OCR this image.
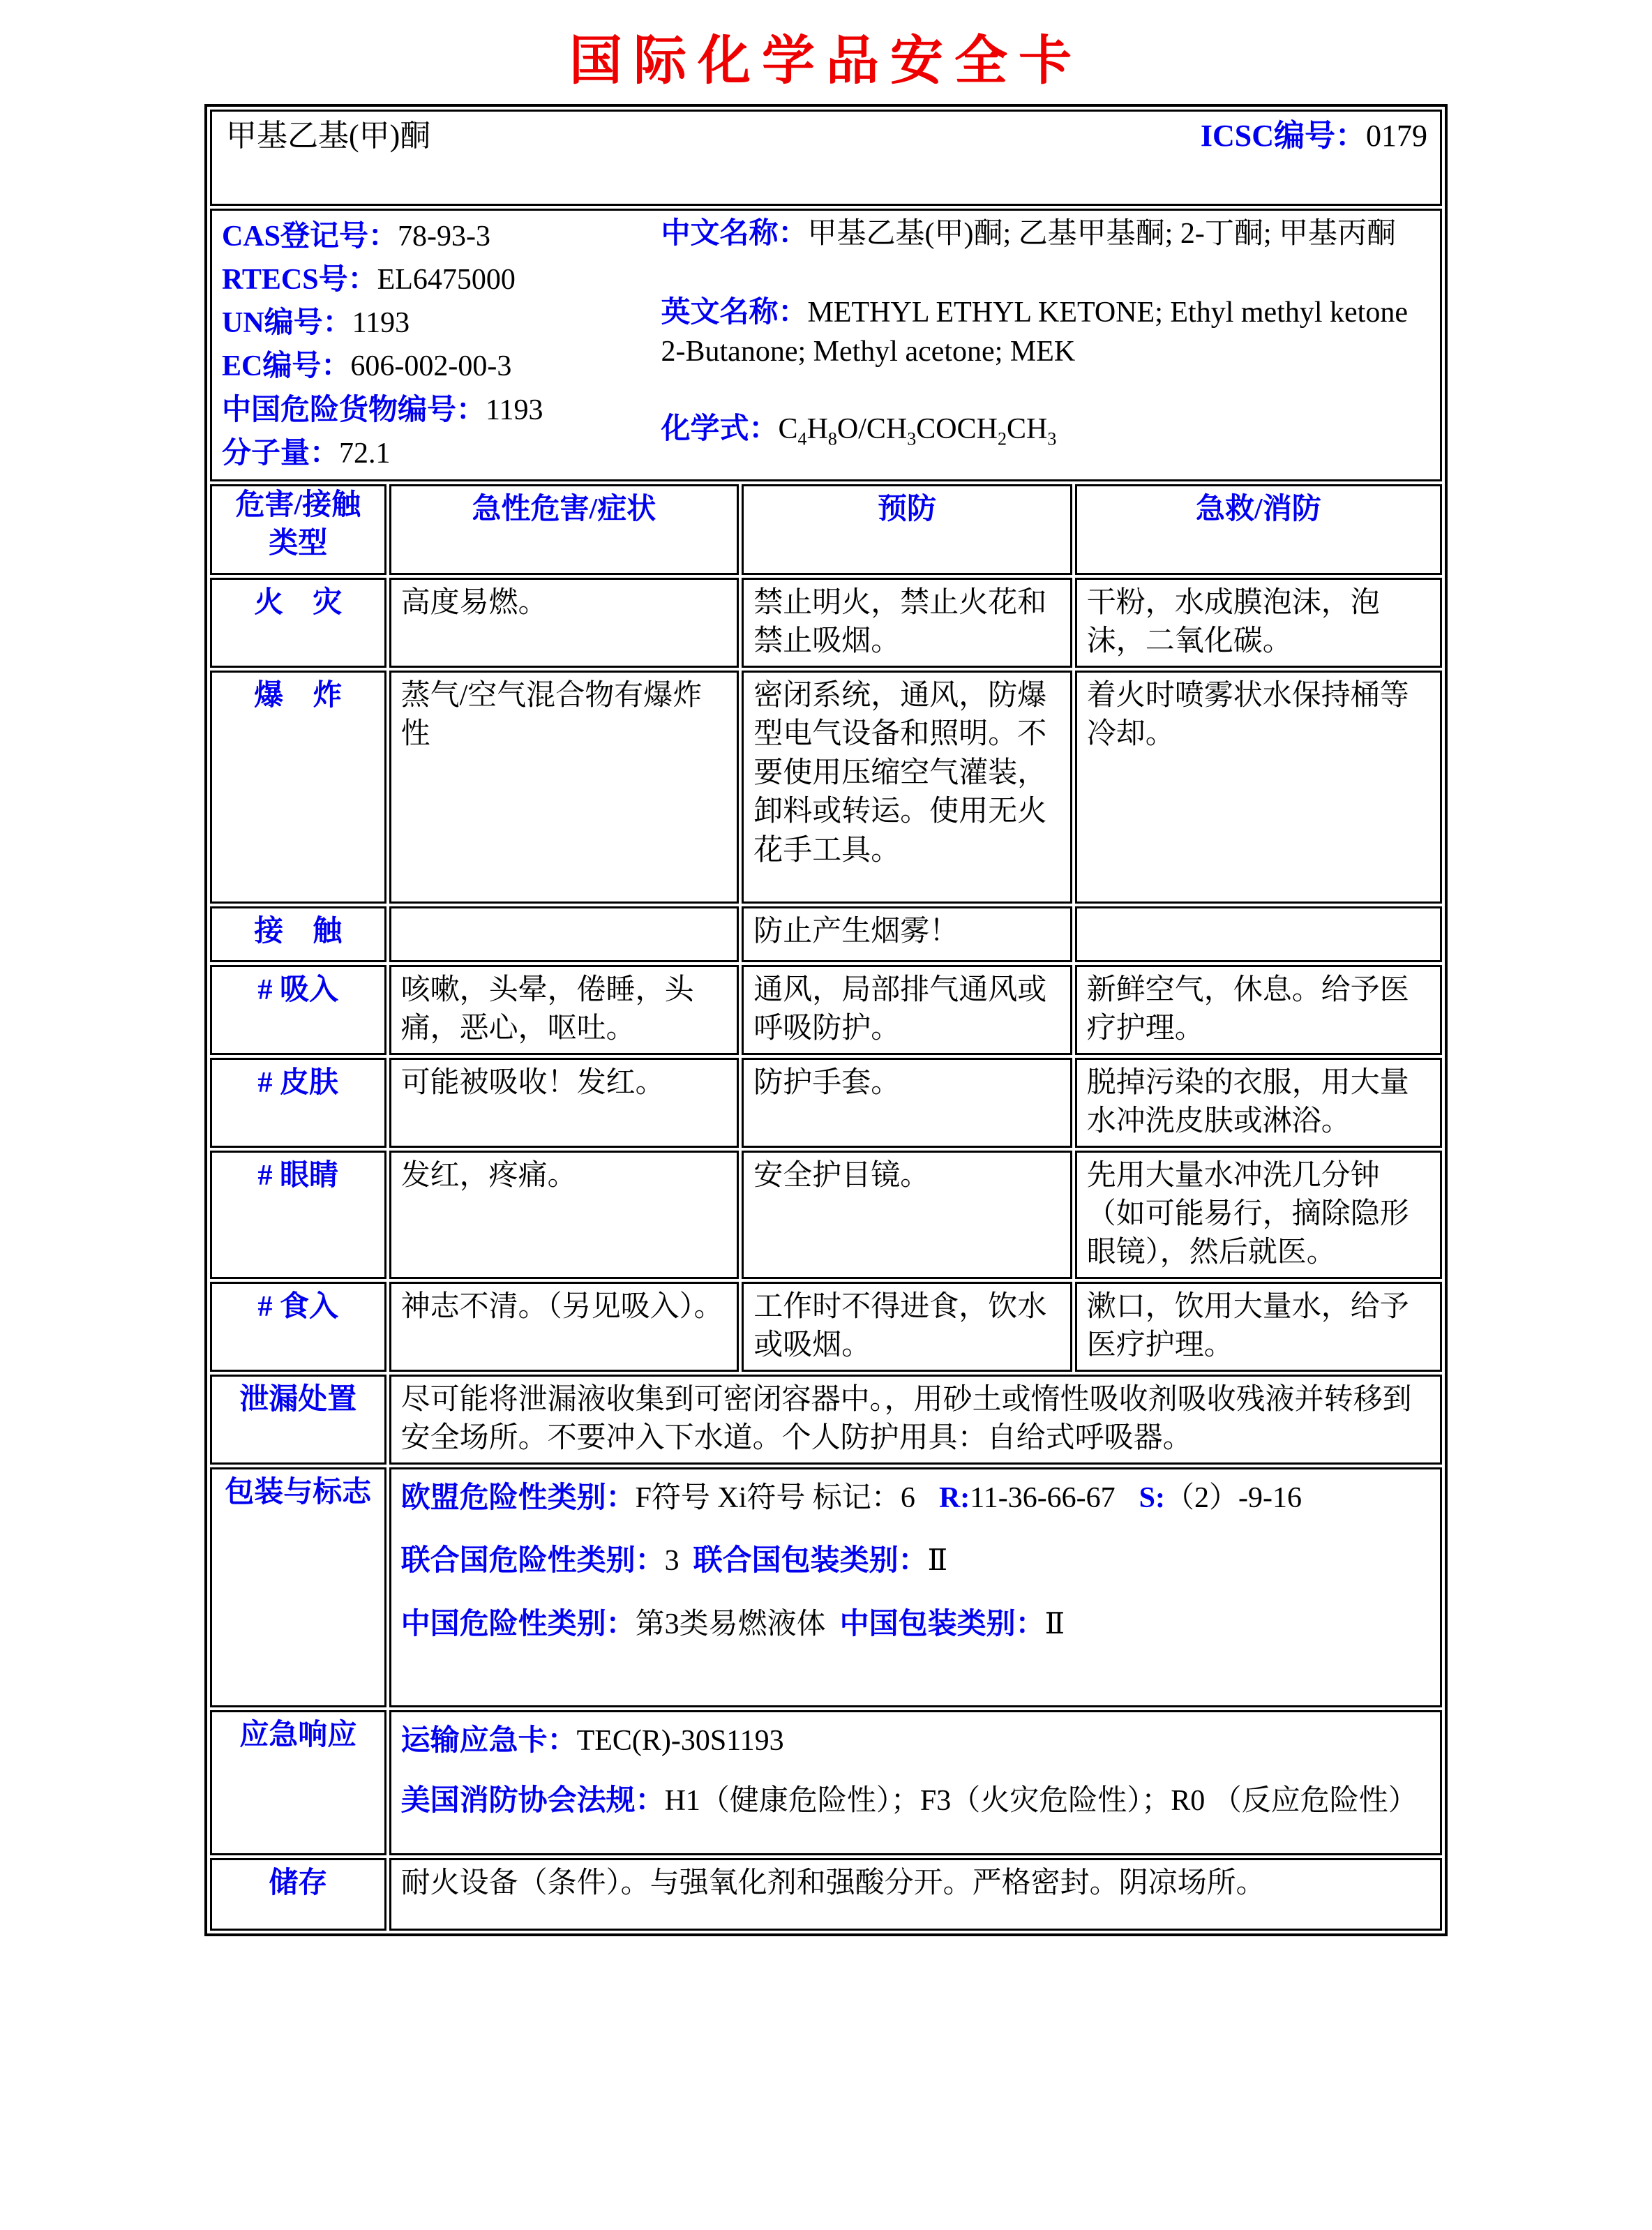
国际化学品安全卡
甲基乙基(甲)酮 ICSC编号：0179			

CAS登记号：78-93-3
RTECS号：EL6475000
UN编号：1193
EC编号：606-002-00-3
中国危险货物编号：1193
分子量：72.1

中文名称：甲基乙基(甲)酮; 乙基甲基酮; 2-丁酮; 甲基丙酮

英文名称：METHYL ETHYL KETONE; Ethyl methyl ketone 2-Butanone; Methyl acetone; MEK

化学式：$C_4H_8O/CH_3COCH_2CH_3$

危害/接触类型	急性危害/症状	预防	急救/消防
火　灾	高度易燃。	禁止明火，禁止火花和禁止吸烟。	干粉，水成膜泡沫，泡沫，二氧化碳。
爆　炸	蒸气/空气混合物有爆炸性	密闭系统，通风，防爆型电气设备和照明。不要使用压缩空气灌装，卸料或转运。使用无火花手工具。	着火时喷雾状水保持桶等冷却。
接　触		防止产生烟雾！	
# 吸入	咳嗽，头晕，倦睡，头痛，恶心，呕吐。	通风，局部排气通风或呼吸防护。	新鲜空气，休息。给予医疗护理。
# 皮肤	可能被吸收！发红。	防护手套。	脱掉污染的衣服，用大量水冲洗皮肤或淋浴。
# 眼睛	发红，疼痛。	安全护目镜。	先用大量水冲洗几分钟（如可能易行，摘除隐形眼镜），然后就医。
# 食入	神志不清。（另见吸入）。	工作时不得进食，饮水或吸烟。	漱口，饮用大量水，给予医疗护理。
泄漏处置	尽可能将泄漏液收集到可密闭容器中。，用砂土或惰性吸收剂吸收残液并转移到安全场所。不要冲入下水道。个人防护用具：自给式呼吸器。		
包装与标志	欧盟危险性类别：F符号 Xi符号 标记：6 R:11-36-66-67 S:（2）-9-16

联合国危险性类别：3 联合国包装类别：Ⅱ

中国危险性类别：第3类易燃液体 中国包装类别：Ⅱ		

应急响应	运输应急卡：TEC(R)-30S1193

美国消防协会法规：H1（健康危险性）；F3（火灾危险性）；R0 （反应危险性）		

储存	耐火设备（条件）。与强氧化剂和强酸分开。严格密封。阴凉场所。		
